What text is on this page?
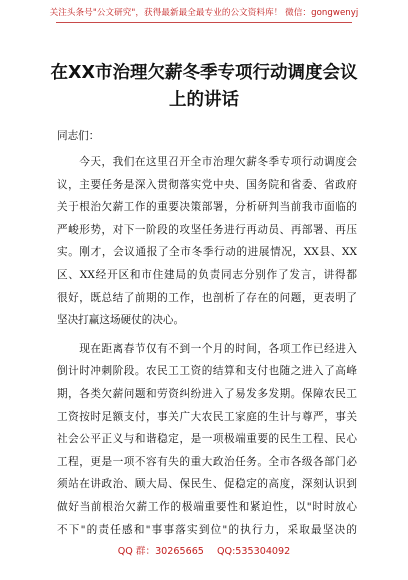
关注头条号"公文研究"，获得最新最全最专业的公文资料库！ 微信：gongwenyj
在XX市治理欠薪冬季专项行动调度会议
上的讲话
同志们：
　　今天，我们在这里召开全市治理欠薪冬季专项行动调度会
议，主要任务是深入贯彻落实党中央、国务院和省委、省政府
关于根治欠薪工作的重要决策部署，分析研判当前我市面临的
严峻形势，对下一阶段的攻坚任务进行再动员、再部署、再压
实。刚才，会议通报了全市冬季行动的进展情况，XX县、XX
区、XX经开区和市住建局的负责同志分别作了发言，讲得都
很好，既总结了前期的工作，也剖析了存在的问题，更表明了
坚决打赢这场硬仗的决心。
　　现在距离春节仅有不到一个月的时间，各项工作已经进入
倒计时冲刺阶段。农民工工资的结算和支付也随之进入了高峰
期，各类欠薪问题和劳资纠纷进入了易发多发期。保障农民工
工资按时足额支付，事关广大农民工家庭的生计与尊严，事关
社会公平正义与和谐稳定，是一项极端重要的民生工程、民心
工程，更是一项不容有失的重大政治任务。全市各级各部门必
须站在讲政治、顾大局、保民生、促稳定的高度，深刻认识到
做好当前根治欠薪工作的极端重要性和紧迫性，以"时时放心
不下"的责任感和"事事落实到位"的执行力，采取最坚决的
QQ 群：30265665 QQ:535304092
